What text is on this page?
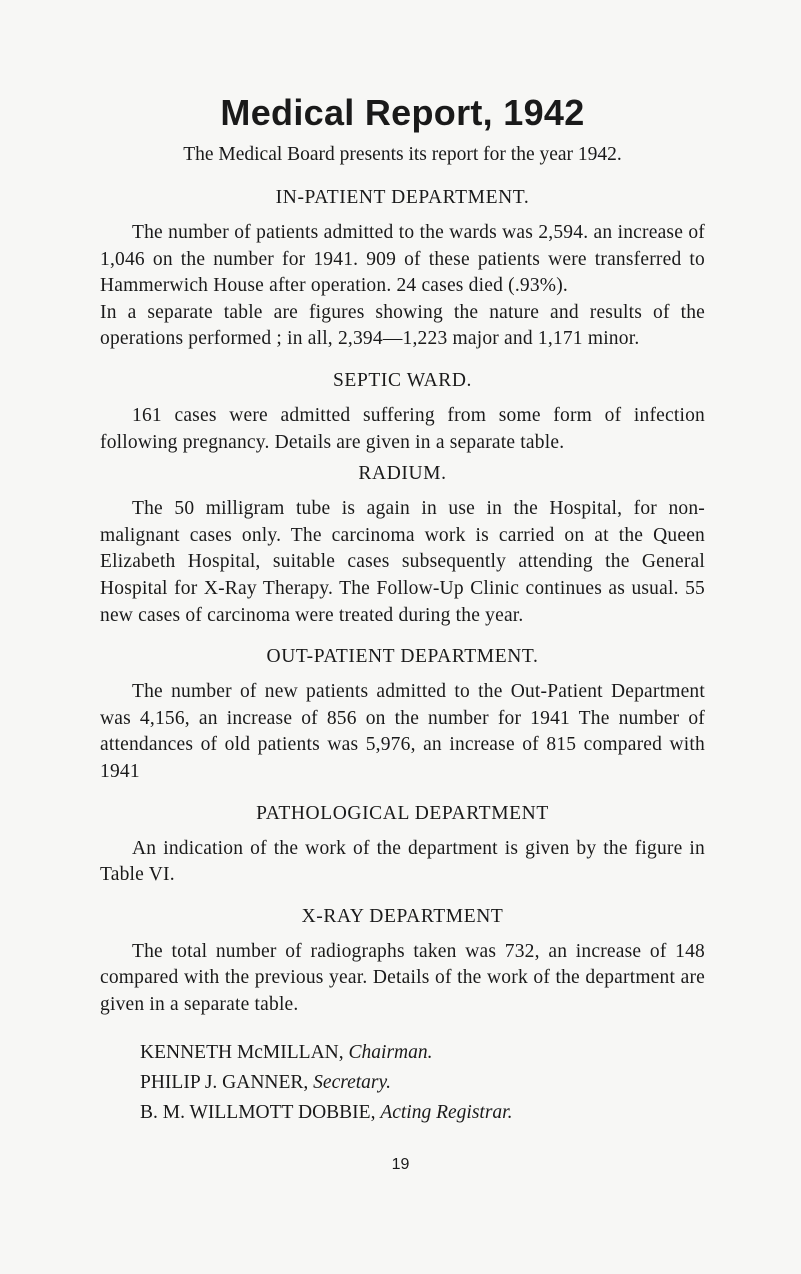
Medical Report, 1942
The Medical Board presents its report for the year 1942.
IN-PATIENT DEPARTMENT.

The number of patients admitted to the wards was 2,594. an increase of 1,046 on the number for 1941. 909 of these patients were transferred to Hammerwich House after operation. 24 cases died (.93%).

In a separate table are figures showing the nature and results of the operations performed ; in all, 2,394—1,223 major and 1,171 minor.

SEPTIC WARD.

161 cases were admitted suffering from some form of infection following pregnancy. Details are given in a separate table.

RADIUM.

The 50 milligram tube is again in use in the Hospital, for non-malignant cases only. The carcinoma work is carried on at the Queen Elizabeth Hospital, suitable cases subsequently attending the General Hospital for X-Ray Therapy. The Follow-Up Clinic continues as usual. 55 new cases of carcinoma were treated during the year.

OUT-PATIENT DEPARTMENT.

The number of new patients admitted to the Out-Patient Department was 4,156, an increase of 856 on the number for 1941 The number of attendances of old patients was 5,976, an increase of 815 compared with 1941

PATHOLOGICAL DEPARTMENT

An indication of the work of the department is given by the figure in Table VI.

X-RAY DEPARTMENT

The total number of radiographs taken was 732, an increase of 148 compared with the previous year. Details of the work of the department are given in a separate table.

KENNETH McMILLAN, Chairman.
PHILIP J. GANNER, Secretary.
B. M. WILLMOTT DOBBIE, Acting Registrar.
19
